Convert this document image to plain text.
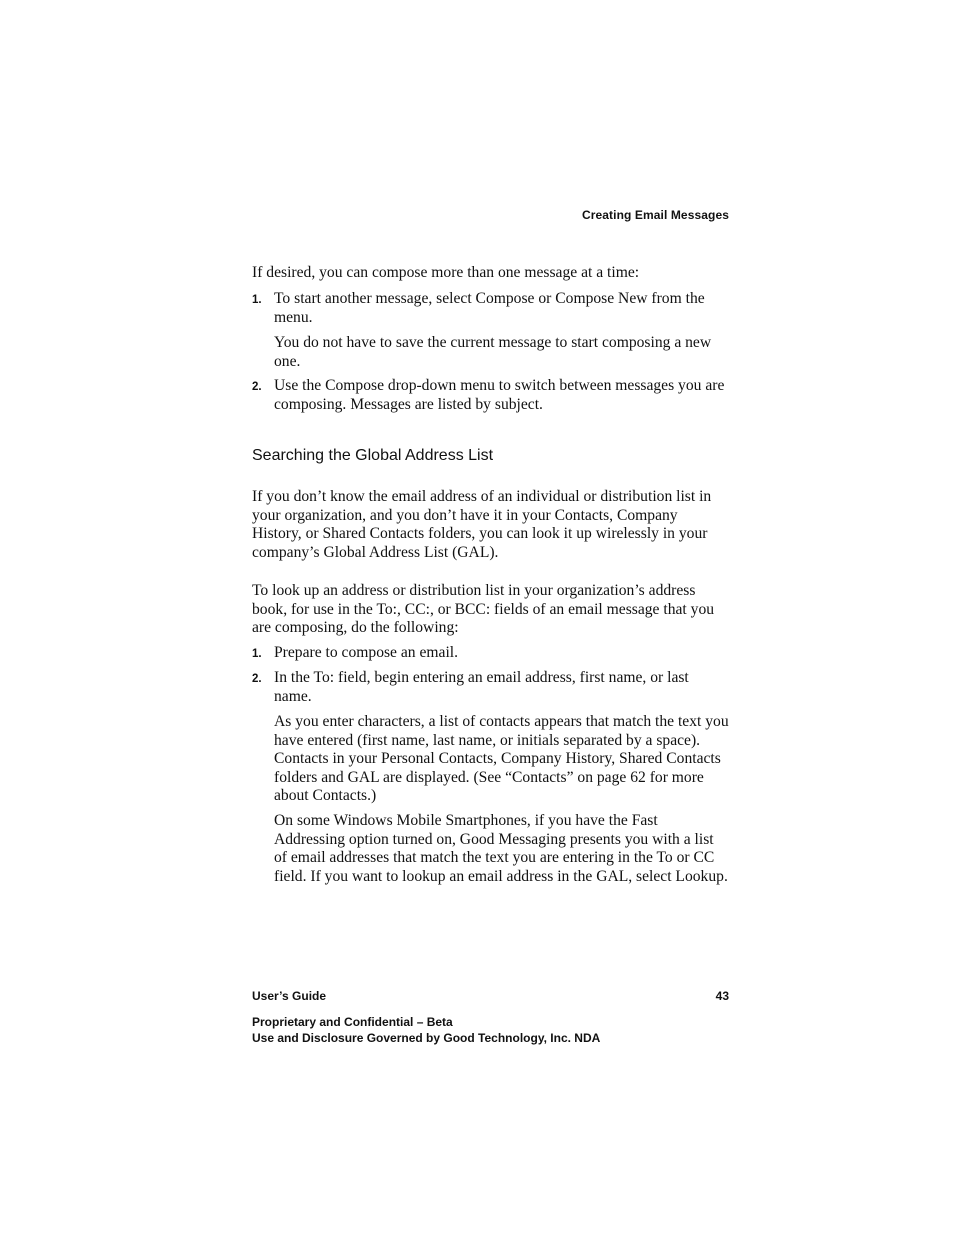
Creating Email Messages

If desired, you can compose more than one message at a time:

1. To start another message, select Compose or Compose New from the menu.

You do not have to save the current message to start composing a new one.

2. Use the Compose drop-down menu to switch between messages you are composing. Messages are listed by subject.

Searching the Global Address List

If you don’t know the email address of an individual or distribution list in your organization, and you don’t have it in your Contacts, Company History, or Shared Contacts folders, you can look it up wirelessly in your company’s Global Address List (GAL).

To look up an address or distribution list in your organization’s address book, for use in the To:, CC:, or BCC: fields of an email message that you are composing, do the following:

1. Prepare to compose an email.

2. In the To: field, begin entering an email address, first name, or last name.

As you enter characters, a list of contacts appears that match the text you have entered (first name, last name, or initials separated by a space). Contacts in your Personal Contacts, Company History, Shared Contacts folders and GAL are displayed. (See “Contacts” on page 62 for more about Contacts.)

On some Windows Mobile Smartphones, if you have the Fast Addressing option turned on, Good Messaging presents you with a list of email addresses that match the text you are entering in the To or CC field. If you want to lookup an email address in the GAL, select Lookup.

User’s Guide	43
Proprietary and Confidential – Beta
Use and Disclosure Governed by Good Technology, Inc. NDA
